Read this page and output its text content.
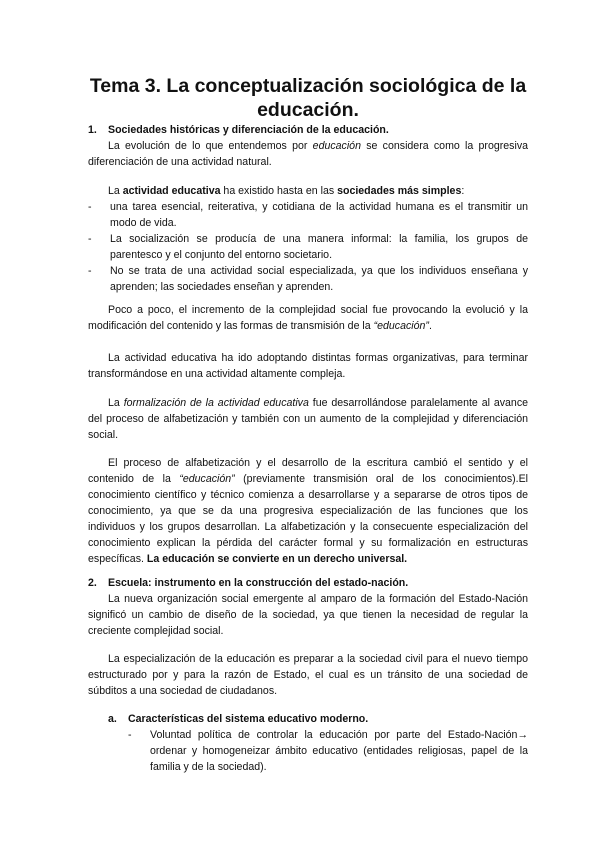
Tema 3. La conceptualización sociológica de la educación.
1. Sociedades históricas y diferenciación de la educación.
La evolución de lo que entendemos por educación se considera como la progresiva diferenciación de una actividad natural.
La actividad educativa ha existido hasta en las sociedades más simples:
- una tarea esencial, reiterativa, y cotidiana de la actividad humana es el transmitir un modo de vida.
- La socialización se producía de una manera informal: la familia, los grupos de parentesco y el conjunto del entorno societario.
- No se trata de una actividad social especializada, ya que los individuos enseñana y aprenden; las sociedades enseñan y aprenden.
Poco a poco, el incremento de la complejidad social fue provocando la evolució y la modificación del contenido y las formas de transmisión de la “educación”.
La actividad educativa ha ido adoptando distintas formas organizativas, para terminar transformándose en una actividad altamente compleja.
La formalización de la actividad educativa fue desarrollándose paralelamente al avance del proceso de alfabetización y también con un aumento de la complejidad y diferenciación social.
El proceso de alfabetización y el desarrollo de la escritura cambió el sentido y el contenido de la “educación” (previamente transmisión oral de los conocimientos).El conocimiento científico y técnico comienza a desarrollarse y a separarse de otros tipos de conocimiento, ya que se da una progresiva especialización de las funciones que los individuos y los grupos desarrollan. La alfabetización y la consecuente especialización del conocimiento explican la pérdida del carácter formal y su formalización en estructuras específicas. La educación se convierte en un derecho universal.
2. Escuela: instrumento en la construcción del estado-nación.
La nueva organización social emergente al amparo de la formación del Estado-Nación significó un cambio de diseño de la sociedad, ya que tienen la necesidad de regular la creciente complejidad social.
La especialización de la educación es preparar a la sociedad civil para el nuevo tiempo estructurado por y para la razón de Estado, el cual es un tránsito de una sociedad de súbditos a una sociedad de ciudadanos.
a. Características del sistema educativo moderno.
- Voluntad política de controlar la educación por parte del Estado-Nación→ ordenar y homogeneizar ámbito educativo (entidades religiosas, papel de la familia y de la sociedad).
